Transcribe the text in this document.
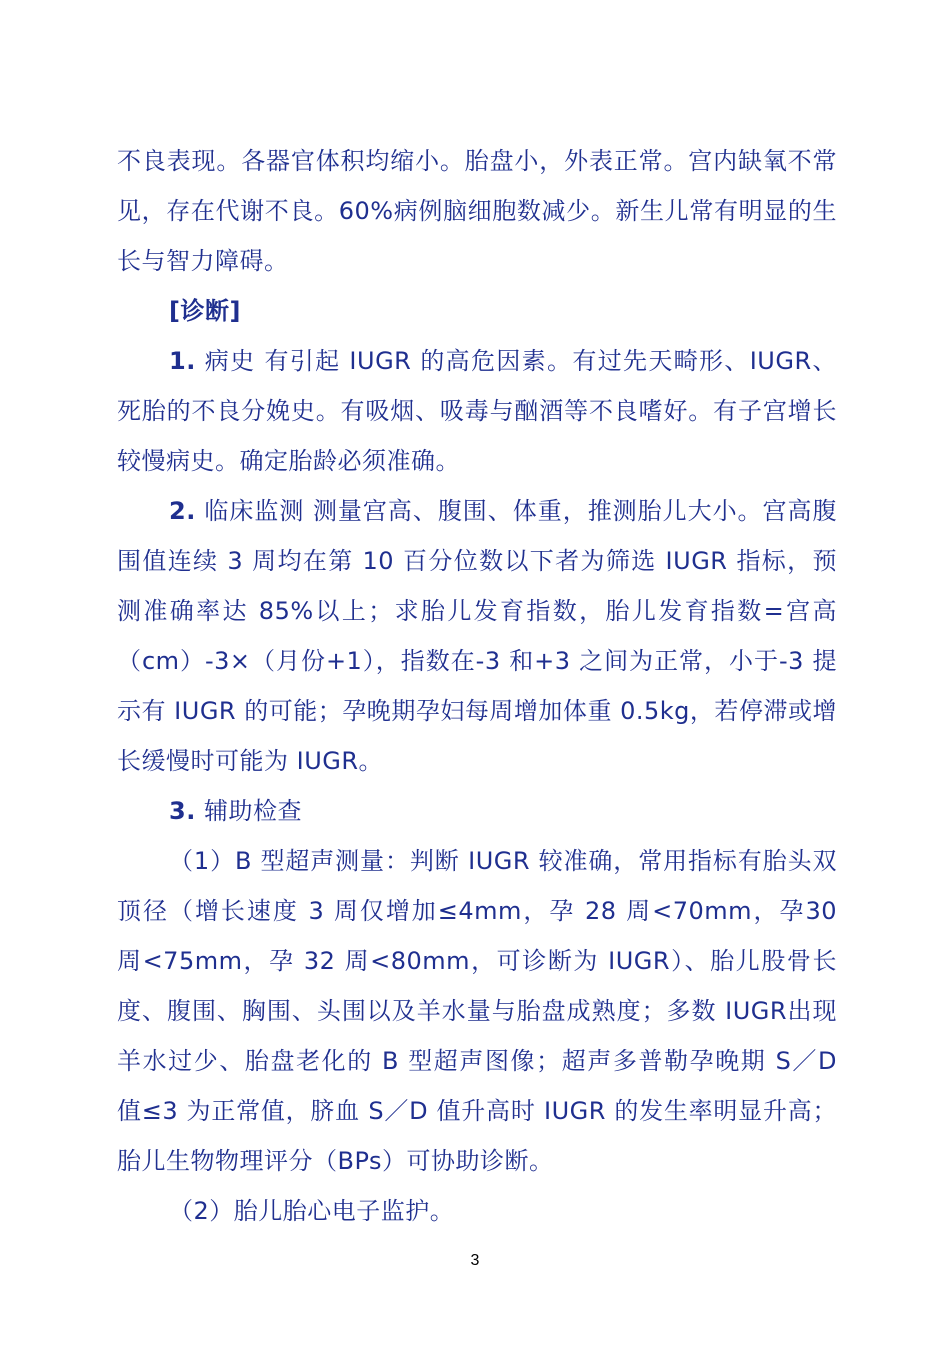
不良表现。各器官体积均缩小。胎盘小，外表正常。宫内缺氧不常见，存在代谢不良。60%病例脑细胞数减少。新生儿常有明显的生长与智力障碍。

[诊断]

1. 病史 有引起 IUGR 的高危因素。有过先天畸形、IUGR、死胎的不良分娩史。有吸烟、吸毒与酗酒等不良嗜好。有子宫增长较慢病史。确定胎龄必须准确。

2. 临床监测 测量宫高、腹围、体重，推测胎儿大小。宫高腹围值连续 3 周均在第 10 百分位数以下者为筛选 IUGR 指标，预测准确率达 85%以上；求胎儿发育指数，胎儿发育指数=宫高（cm）-3×（月份+1），指数在-3 和+3 之间为正常，小于-3 提示有 IUGR 的可能；孕晚期孕妇每周增加体重 0.5kg，若停滞或增长缓慢时可能为 IUGR。

3. 辅助检查

（1）B 型超声测量：判断 IUGR 较准确，常用指标有胎头双顶径（增长速度 3 周仅增加≤4mm，孕 28 周<70mm，孕30 周<75mm，孕 32 周<80mm，可诊断为 IUGR）、胎儿股骨长度、腹围、胸围、头围以及羊水量与胎盘成熟度；多数 IUGR出现羊水过少、胎盘老化的 B 型超声图像；超声多普勒孕晚期 S／D 值≤3 为正常值，脐血 S／D 值升高时 IUGR 的发生率明显升高；胎儿生物物理评分（BPs）可协助诊断。

（2）胎儿胎心电子监护。

3
